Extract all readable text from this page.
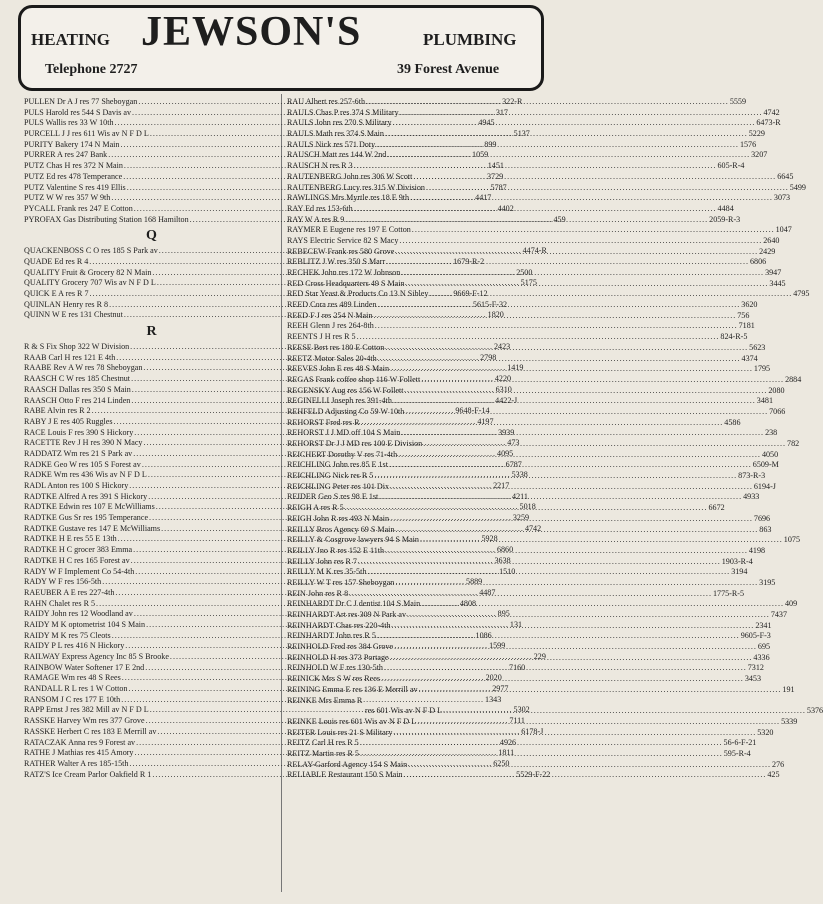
HEATING JEWSON'S	PLUMBING
Telephone 2727	39 Forest Avenue
PULLEN Dr A J res 77 Sheboygan .....	322-R
PULS Harold res 544 S Davis av .....	317
PULS Wallis res 33 W 10th .....	4945
PURCELL J J res 611 Wis av N F D L .....	5137
PURITY Bakery 174 N Main .....	899
PURRER A res 247 Bank .....	1059
PUTZ Chas H res 372 N Main .....	1451
PUTZ Ed res 478 Temperance .....	3729
PUTZ Valentine S res 419 Ellis .....	5787
PUTZ W W res 357 W 9th .....	4417
PYCALL Frank res 247 E Cotton .....	4402
PYROFAX Gas Distributing Station 168 Hamilton .....	459
Q
QUACKENBOSS C O res 185 S Park av .....	4474-R
QUADE Ed res R 4 .....	1679-R-2
QUALITY Fruit & Grocery 82 N Main .....	2500
QUALITY Grocery 707 Wis av N F D L .....	5175
QUICK E A res R 7 .....	9669-F-12
QUINLAN Henry res R 8 .....	5615-F-32
QUINN W E res 131 Chestnut .....	1820
R
R & S Fix Shop 322 W Division .....	2423
RAAB Carl H res 121 E 4th .....	2798
RAABE Rev A W res 78 Sheboygan .....	1419
RAASCH C W res 185 Chestnut .....	4220
RAASCH Dallas res 350 S Main .....	6310
RAASCH Otto F res 214 Linden .....	4422-J
RABE Alvin res R 2 .....	9648-F-14
RABY J E res 405 Ruggles .....	4197
RACE Louis F res 390 S Hickory .....	3939
RACETTE Rev J H res 390 N Macy .....	473
RADDATZ Wm res 21 S Park av .....	4095
RADKE Geo W res 105 S Forest av .....	6787
RADKE Wm res 436 Wis av N F D L .....	5338
RADL Anton res 100 S Hickory .....	2217
RADTKE Alfred A res 391 S Hickory .....	4211
RADTKE Edwin res 107 E McWilliams .....	5018
RADTKE Gus Sr res 195 Temperance .....	3259
RADTKE Gustave res 147 E McWilliams .....	4742
RADTKE H E res 55 E 13th .....	5928
RADTKE H C grocer 383 Emma .....	6860
RADTKE H C res 165 Forest av .....	3638
RADY W F Implement Co 54-4th .....	1510
RADY W F res 156-5th .....	5889
RAEUBER A E res 227-4th .....	4487
RAHN Chalet res R 5 .....	4808
RAIDY John res 12 Woodland av .....	895
RAIDY M K optometrist 104 S Main .....	131
RAIDY M K res 75 Cleots .....	1086
RAIDY P L res 416 N Hickory .....	1599
RAILWAY Express Agency Inc 85 S Brooke .....	229
RAINBOW Water Softener 17 E 2nd .....	7160
RAMAGE Wm res 48 S Rees .....	2020
RANDALL R L res 1 W Cotton .....	2977
RANSOM J C res 177 E 10th .....	1343
RAPP Ernst J res 382 Mill av N F D L .....	5302
RASSKE Harvey Wm res 377 Grove .....	7111
RASSKE Herbert C res 183 E Merrill av .....	6178-J
RATACZAK Anna res 9 Forest av .....	4926
RATHE J Mathias res 415 Amory .....	1811
RATHER Walter A res 185-15th .....	6250
RATZ'S Ice Cream Parlor Oakfield R 1 .....	5529-F-22
RAU Albert res 257-6th .....	5559
RAULS Chas P res 374 S Military .....	4742
RAULS John res 270 S Military .....	6473-R
RAULS Math res 374 S Main .....	5229
RAULS Nick res 571 Doty .....	1576
RAUSCH Matt res 144 W 2nd .....	3207
RAUSCH N res R 3 .....	605-R-4
RAUTENBERG John res 306 W Scott .....	6645
RAUTENBERG Lucy res 315 W Division .....	5499
RAWLINGS Mrs Myrtle res 18 E 9th .....	3073
RAY Ed res 153-6th .....	4484
RAY W A res R 9 .....	2059-R-3
RAYMER E Eugene res 197 E Cotton .....	1047
RAYS Electric Service 82 S Macy .....	2640
REBECEW Frank res 580 Grove .....	2429
REBLITZ J W res 350 S Marr .....	6806
RECHEK John res 172 W Johnson .....	3947
RED Cross Headquarters 49 S Main .....	3445
RED Star Yeast & Products Co 13 N Sibley .....	4795
REED Cora res 489 Linden .....	3620
REED F J res 254 N Main .....	756
REEH Glenn J res 264-8th .....	7181
REENTS J H res R 5 .....	824-R-5
REESE Bert res 180 E Cotton .....	5623
REETZ Motor Sales 20-4th .....	4374
REEVES John E res 48 S Main .....	1795
REGAS Frank coffee shop 116 W Follett .....	2884
REGENSKY Aug res 156 W Follett .....	2080
REGINELLI Joseph res 391-4th .....	3481
REHFELD Adjusting Co 59 W 10th .....	7066
REHORST Fred res R .....	4586
REHORST J J MD off 104 S Main .....	238
REHORST Dr J J MD res 100 E Division .....	782
REICHERT Dorothy V res 71-4th .....	4050
REICHLING John res 85 E 1st .....	6509-M
REICHLING Nick res R 5 .....	873-R-3
REICHLING Peter res 101 Dix .....	6194-J
REIDER Geo S res 98 E 1st .....	4933
REIGH A res R 5 .....	6672
REIGH John R res 493 N Main .....	7696
REILLY Bros Agency 69 S Main .....	863
REILLY & Cosgrove lawyers 94 S Main .....	1075
REILLY Jno R res 152 E 11th .....	4198
REILLY John res R 7 .....	1903-R-4
REILLY M K res 35-5th .....	3194
REILLY W T res 157 Sheboygan .....	3195
REIN John res R 8 .....	1775-R-5
REINHARDT Dr C J dentist 104 S Main .....	409
REINHARDT Art res 309 N Park av .....	7437
REINHARDT Chas res 220-4th .....	2341
REINHARDT John res R 5 .....	9605-F-3
REINHOLD Fred res 384 Grove .....	695
REINHOLD H res 373 Portage .....	4336
REINHOLD W F res 130-5th .....	7312
REINICK Mrs S W res Rees .....	3453
REINING Emma E res 136 E Merrill av .....	191
REINKE Mrs Emma R
res 601 Wis av N F D L .....	5376
REINKE Louis res 601 Wis av N F D L .....	5339
REITER Louis res 21 S Military .....	5320
REITZ Carl H res R 5 .....	56-6-F-21
REITZ Martin res R 5 .....	595-R-4
RELAY-Garford Agency 154 S Main .....	276
RELIABLE Restaurant 150 S Main .....	425
